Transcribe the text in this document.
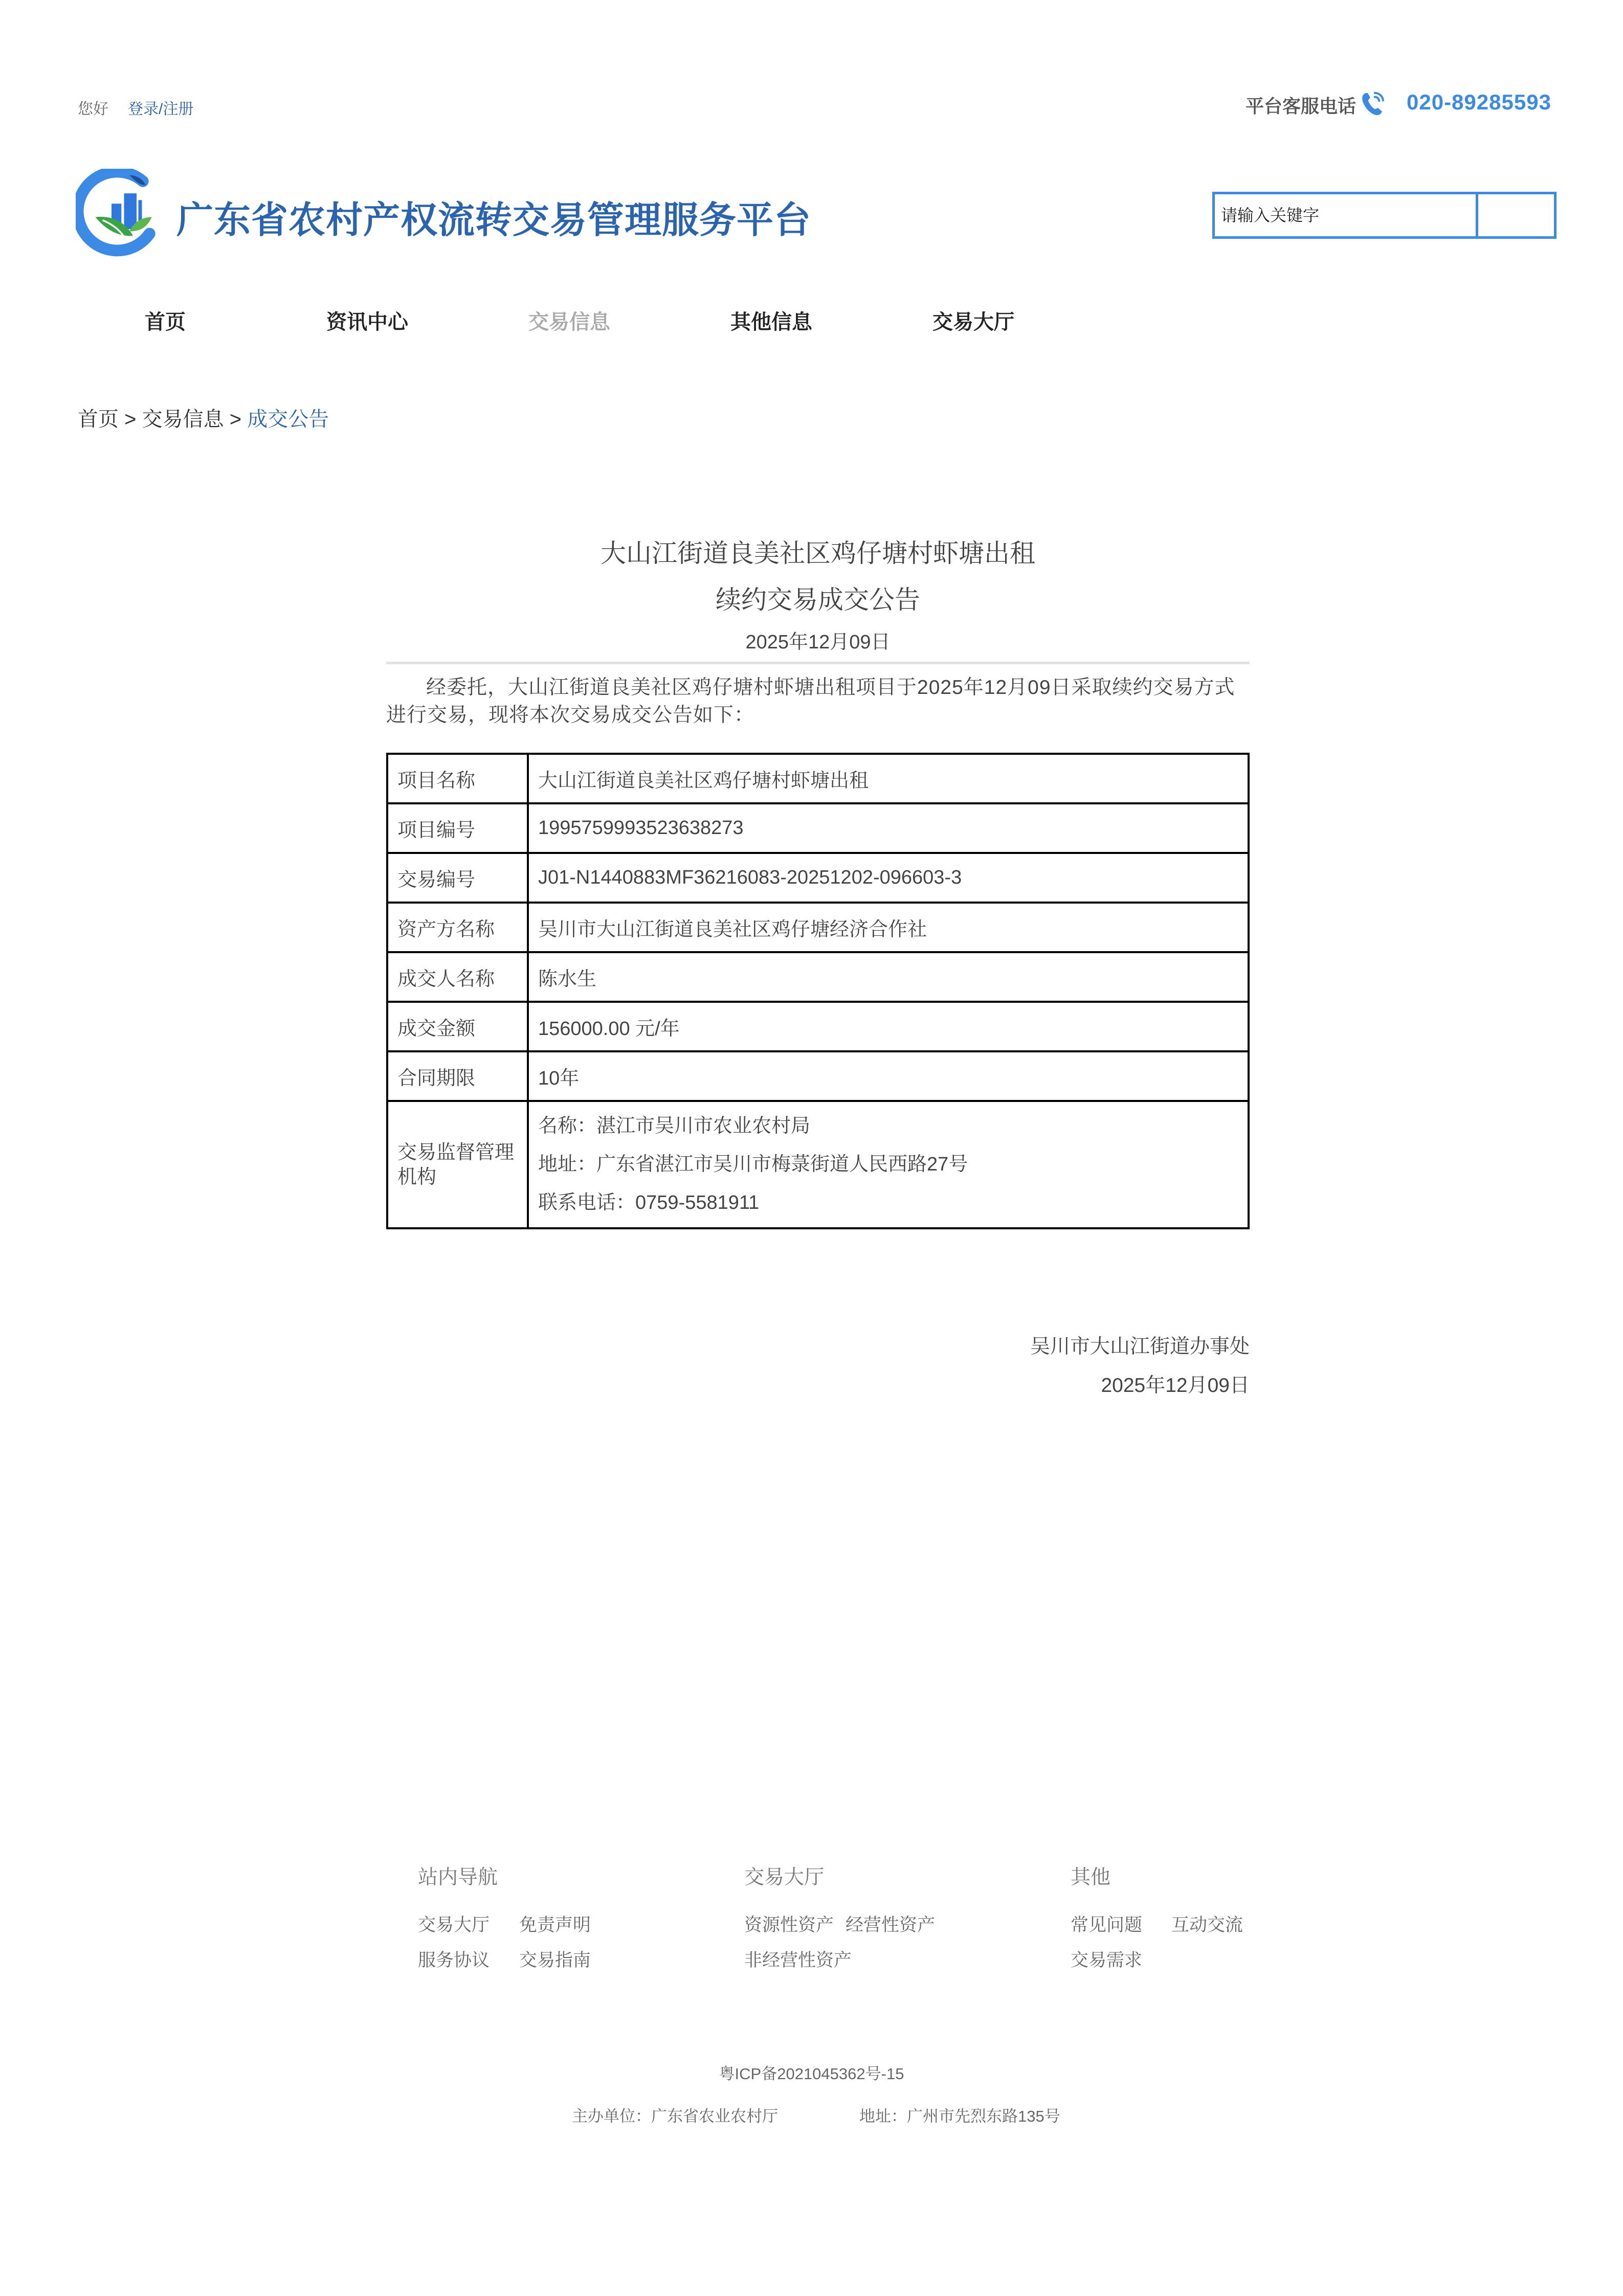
您好 登录/注册	平台客服电话 020-89285593
广东省农村产权流转交易管理服务平台
请输入关键字
首页	资讯中心	交易信息	其他信息	交易大厅
首页 > 交易信息 > 成交公告
大山江街道良美社区鸡仔塘村虾塘出租
续约交易成交公告
2025年12月09日
经委托，大山江街道良美社区鸡仔塘村虾塘出租项目于2025年12月09日采取续约交易方式进行交易，现将本次交易成交公告如下：
项目名称	大山江街道良美社区鸡仔塘村虾塘出租
项目编号	1995759993523638273
交易编号	J01-N1440883MF36216083-20251202-096603-3
资产方名称	吴川市大山江街道良美社区鸡仔塘经济合作社
成交人名称	陈水生
成交金额	156000.00 元/年
合同期限	10年
交易监督管理机构	名称：湛江市吴川市农业农村局
地址：广东省湛江市吴川市梅菉街道人民西路27号
联系电话：0759-5581911
吴川市大山江街道办事处
2025年12月09日
站内导航
交易大厅 免责声明
服务协议 交易指南
交易大厅
资源性资产 经营性资产
非经营性资产
其他
常见问题 互动交流
交易需求
粤ICP备2021045362号-15
主办单位：广东省农业农村厅	地址：广州市先烈东路135号
